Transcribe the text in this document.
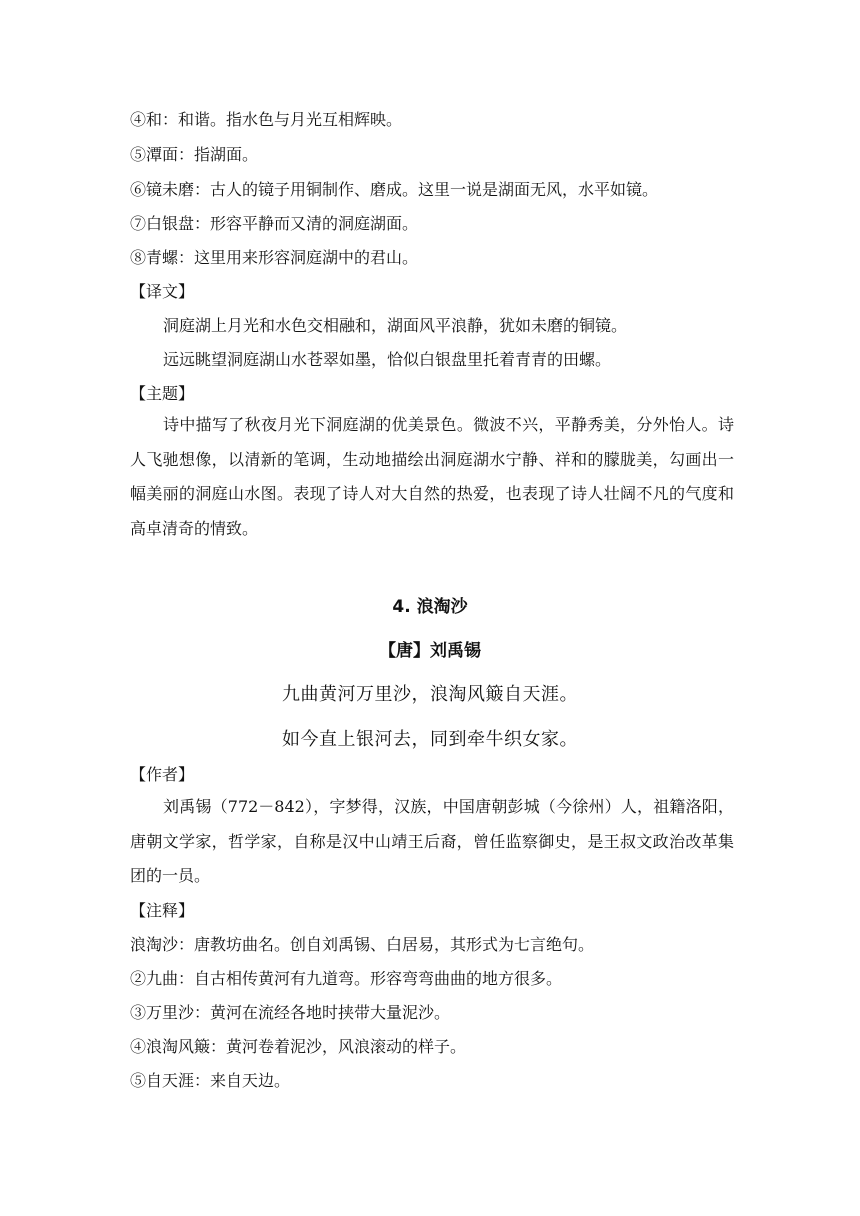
④和：和谐。指水色与月光互相辉映。
⑤潭面：指湖面。
⑥镜未磨：古人的镜子用铜制作、磨成。这里一说是湖面无风，水平如镜。
⑦白银盘：形容平静而又清的洞庭湖面。
⑧青螺：这里用来形容洞庭湖中的君山。
【译文】
洞庭湖上月光和水色交相融和，湖面风平浪静，犹如未磨的铜镜。
远远眺望洞庭湖山水苍翠如墨，恰似白银盘里托着青青的田螺。
【主题】
诗中描写了秋夜月光下洞庭湖的优美景色。微波不兴，平静秀美，分外怡人。诗人飞驰想像，以清新的笔调，生动地描绘出洞庭湖水宁静、祥和的朦胧美，勾画出一幅美丽的洞庭山水图。表现了诗人对大自然的热爱，也表现了诗人壮阔不凡的气度和高卓清奇的情致。
4. 浪淘沙
【唐】刘禹锡
九曲黄河万里沙，浪淘风簸自天涯。
如今直上银河去，同到牵牛织女家。
【作者】
刘禹锡（772－842），字梦得，汉族，中国唐朝彭城（今徐州）人，祖籍洛阳，唐朝文学家，哲学家，自称是汉中山靖王后裔，曾任监察御史，是王叔文政治改革集团的一员。
【注释】
浪淘沙：唐教坊曲名。创自刘禹锡、白居易，其形式为七言绝句。
②九曲：自古相传黄河有九道弯。形容弯弯曲曲的地方很多。
③万里沙：黄河在流经各地时挟带大量泥沙。
④浪淘风簸：黄河卷着泥沙，风浪滚动的样子。
⑤自天涯：来自天边。
